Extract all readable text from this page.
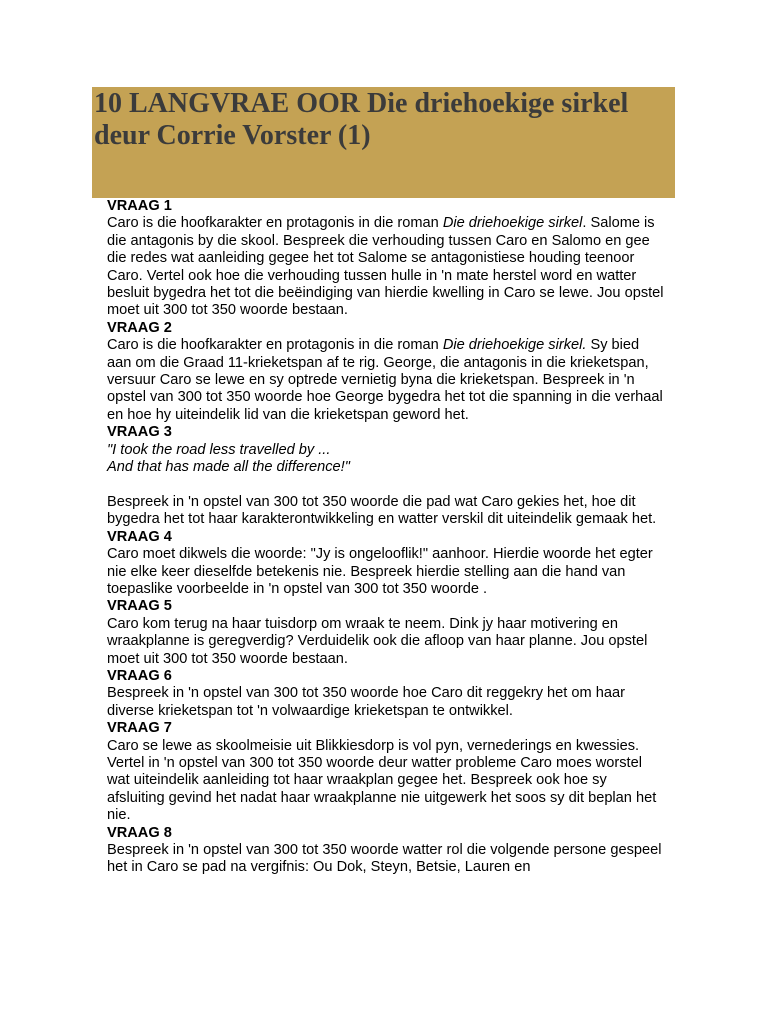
10 LANGVRAE OOR Die driehoekige sirkel deur Corrie Vorster (1)

VRAAG 1

Caro is die hoofkarakter en protagonis in die roman Die driehoekige sirkel. Salome is die antagonis by die skool. Bespreek die verhouding tussen Caro en Salomo en gee die redes wat aanleiding gegee het tot Salome se antagonistiese houding teenoor Caro. Vertel ook hoe die verhouding tussen hulle in 'n mate herstel word en watter besluit bygedra het tot die beëindiging van hierdie kwelling in Caro se lewe. Jou opstel moet uit 300 tot 350 woorde bestaan.

VRAAG 2

Caro is die hoofkarakter en protagonis in die roman Die driehoekige sirkel. Sy bied aan om die Graad 11-krieketspan af te rig. George, die antagonis in die krieketspan, versuur Caro se lewe en sy optrede vernietig byna die krieketspan. Bespreek in 'n opstel van 300 tot 350 woorde hoe George bygedra het tot die spanning in die verhaal en hoe hy uiteindelik lid van die krieketspan geword het.

VRAAG 3

"I took the road less travelled by ...

And that has made all the difference!"

Bespreek in 'n opstel van 300 tot 350 woorde die pad wat Caro gekies het, hoe dit bygedra het tot haar karakterontwikkeling en watter verskil dit uiteindelik gemaak het.

VRAAG 4

Caro moet dikwels die woorde: "Jy is ongelooflik!" aanhoor. Hierdie woorde het egter nie elke keer dieselfde betekenis nie. Bespreek hierdie stelling aan die hand van toepaslike voorbeelde in 'n opstel van 300 tot 350 woorde .

VRAAG 5

Caro kom terug na haar tuisdorp om wraak te neem. Dink jy haar motivering en wraakplanne is geregverdig? Verduidelik ook die afloop van haar planne. Jou opstel moet uit 300 tot 350 woorde bestaan.

VRAAG 6

Bespreek in 'n opstel van 300 tot 350 woorde hoe Caro dit reggekry het om haar diverse krieketspan tot 'n volwaardige krieketspan te ontwikkel.

VRAAG 7

Caro se lewe as skoolmeisie uit Blikkiesdorp is vol pyn, vernederings en kwessies. Vertel in 'n opstel van 300 tot 350 woorde deur watter probleme Caro moes worstel wat uiteindelik aanleiding tot haar wraakplan gegee het. Bespreek ook hoe sy afsluiting gevind het nadat haar wraakplanne nie uitgewerk het soos sy dit beplan het nie.

VRAAG 8

Bespreek in 'n opstel van 300 tot 350 woorde watter rol die volgende persone gespeel het in Caro se pad na vergifnis: Ou Dok, Steyn, Betsie, Lauren en
